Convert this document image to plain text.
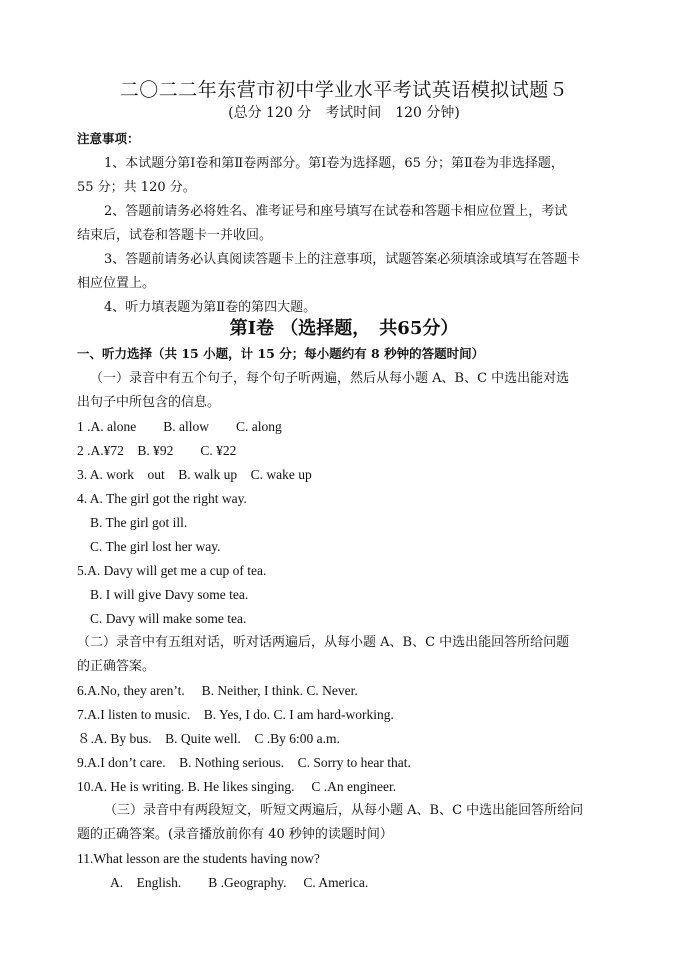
二〇二二年东营市初中学业水平考试英语模拟试题５
(总分 120 分　考试时间　120 分钟)
注意事项：
1、本试题分第Ⅰ卷和第Ⅱ卷两部分。第Ⅰ卷为选择题，65 分；第Ⅱ卷为非选择题，
55 分；共 120 分。
2、答题前请务必将姓名、准考证号和座号填写在试卷和答题卡相应位置上，考试
结束后，试卷和答题卡一并收回。
3、答题前请务必认真阅读答题卡上的注意事项，试题答案必须填涂或填写在答题卡
相应位置上。
4、听力填表题为第Ⅱ卷的第四大题。
第Ⅰ卷 （选择题，　共65分）
一、听力选择（共 15 小题，计 15 分；每小题约有 8 秒钟的答题时间）
（一）录音中有五个句子，每个句子听两遍，然后从每小题 A、B、C 中选出能对选
出句子中所包含的信息。
1 .A. alone　　B. allow　　C. along
2 .A.¥72　B. ¥92　　C. ¥22
3. A. work　out　B. walk up　C. wake up
4. A. The girl got the right way.
B. The girl got ill.
C. The girl lost her way.
5.A. Davy will get me a cup of tea.
B. I will give Davy some tea.
C. Davy will make some tea.
（二）录音中有五组对话，听对话两遍后，从每小题 A、B、C 中选出能回答所给问题
的正确答案。
6.A.No, they aren’t.　 B. Neither, I think. C. Never.
7.A.I listen to music.　B. Yes, I do. C. I am hard-working.
８.A. By bus.　B. Quite well.　C .By 6:00 a.m.
9.A.I don’t care.　B. Nothing serious.　C. Sorry to hear that.
10.A. He is writing. B. He likes singing.　 C .An engineer.
（三）录音中有两段短文，听短文两遍后，从每小题 A、B、C 中选出能回答所给问
题的正确答案。(录音播放前你有 40 秒钟的读题时间）
11.What lesson are the students having now?
A.　English.　　B .Geography.　 C. America.
